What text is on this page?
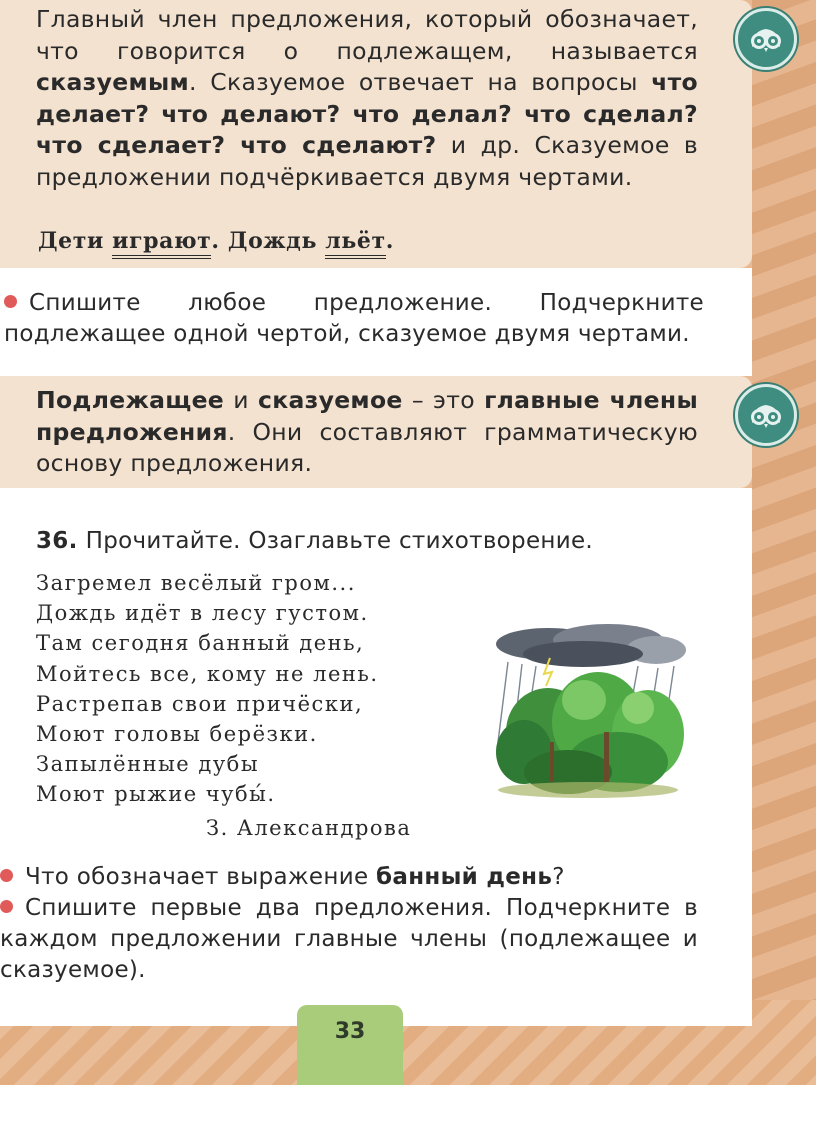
Главный член предложения, который обозначает, что говорится о подлежащем, называется сказуемым. Сказуемое отвечает на вопросы что делает? что делают? что делал? что сделал? что сделает? что сделают? и др. Сказуемое в предложении подчёркивается двумя чертами.
Дети играют. Дождь льёт.
Спишите любое предложение. Подчеркните подлежащее одной чертой, сказуемое двумя чертами.
Подлежащее и сказуемое – это главные члены предложения. Они составляют грамматическую основу предложения.
36. Прочитайте. Озаглавьте стихотворение.
Загремел весёлый гром...
Дождь идёт в лесу густом.
Там сегодня банный день,
Мойтесь все, кому не лень.
Растрепав свои причёски,
Моют головы берёзки.
Запылённые дубы
Моют рыжие чубы́.
З. Александрова
Что обозначает выражение банный день?
Спишите первые два предложения. Подчеркните в каждом предложении главные члены (подлежащее и сказуемое).
33
